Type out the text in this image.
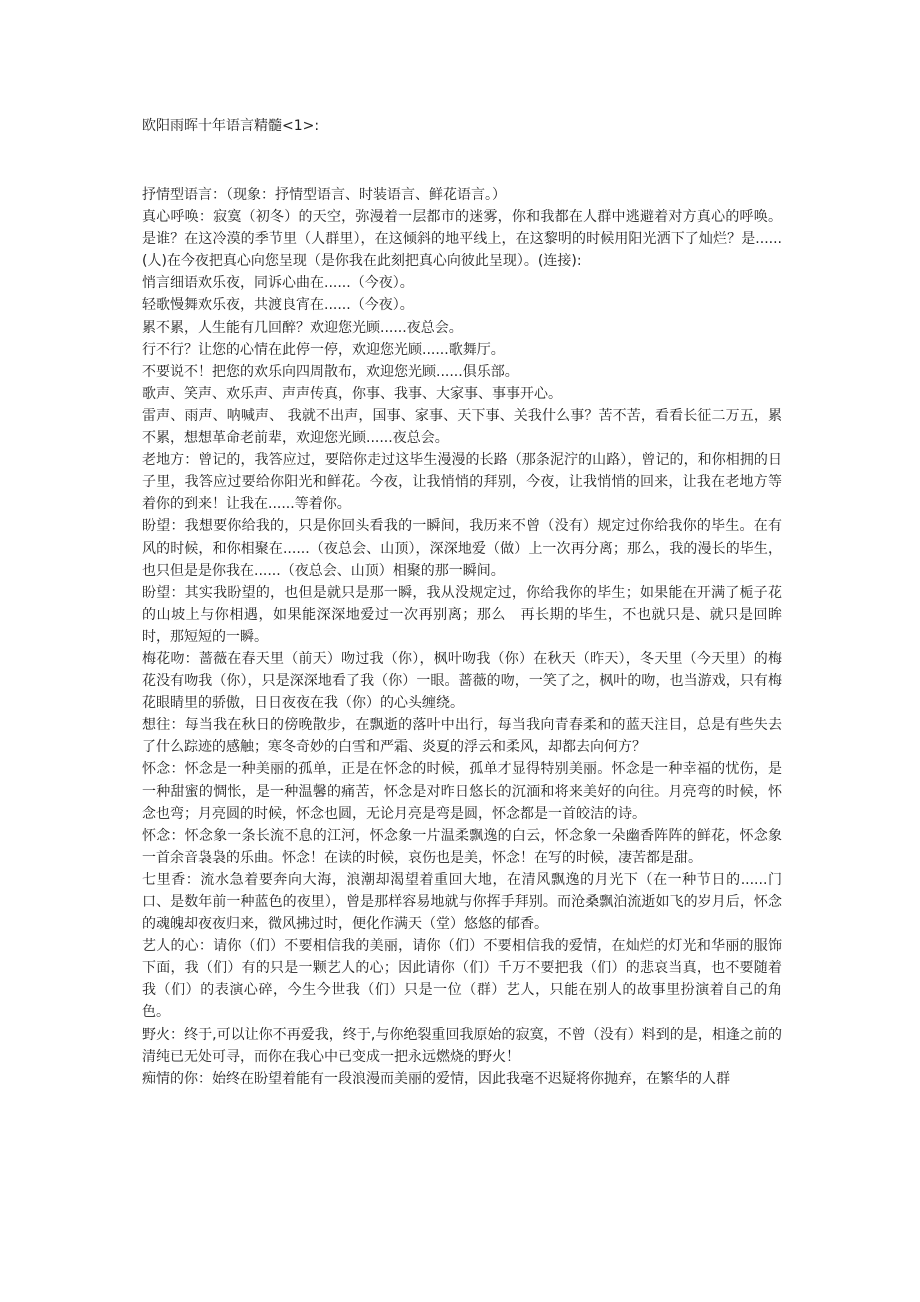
欧阳雨晖十年语言精髓<1>:

抒情型语言：（现象：抒情型语言、时装语言、鲜花语言。）

真心呼唤：寂寞（初冬）的天空，弥漫着一层都市的迷雾，你和我都在人群中逃避着对方真心的呼唤。是谁？在这冷漠的季节里（人群里），在这倾斜的地平线上，在这黎明的时候用阳光洒下了灿烂？是......(人)在今夜把真心向您呈现（是你我在此刻把真心向彼此呈现）。(连接):

悄言细语欢乐夜，同诉心曲在......（今夜）。

轻歌慢舞欢乐夜，共渡良宵在......（今夜）。

累不累，人生能有几回醉？欢迎您光顾......夜总会。

行不行？让您的心情在此停一停，欢迎您光顾......歌舞厅。

不要说不！把您的欢乐向四周散布，欢迎您光顾......俱乐部。

歌声、笑声、欢乐声、声声传真，你事、我事、大家事、事事开心。

雷声、雨声、呐喊声、 我就不出声，国事、家事、天下事、关我什么事？苦不苦，看看长征二万五，累不累，想想革命老前辈，欢迎您光顾......夜总会。

老地方：曾记的，我答应过，要陪你走过这毕生漫漫的长路（那条泥泞的山路），曾记的，和你相拥的日子里，我答应过要给你阳光和鲜花。今夜，让我悄悄的拜别，今夜，让我悄悄的回来，让我在老地方等着你的到来！让我在......等着你。

盼望：我想要你给我的，只是你回头看我的一瞬间，我历来不曾（没有）规定过你给我你的毕生。在有风的时候，和你相聚在......（夜总会、山顶），深深地爱（做）上一次再分离；那么，我的漫长的毕生，也只但是是你我在......（夜总会、山顶）相聚的那一瞬间。

盼望：其实我盼望的，也但是就只是那一瞬，我从没规定过，你给我你的毕生；如果能在开满了栀子花的山坡上与你相遇，如果能深深地爱过一次再别离；那么　再长期的毕生，不也就只是、就只是回眸时，那短短的一瞬。

梅花吻：蔷薇在春天里（前天）吻过我（你），枫叶吻我（你）在秋天（昨天），冬天里（今天里）的梅花没有吻我（你），只是深深地看了我（你）一眼。蔷薇的吻，一笑了之，枫叶的吻，也当游戏，只有梅花眼睛里的骄傲，日日夜夜在我（你）的心头缠绕。

想往：每当我在秋日的傍晚散步，在飘逝的落叶中出行，每当我向青春柔和的蓝天注目，总是有些失去了什么踪迹的感触；寒冬奇妙的白雪和严霜、炎夏的浮云和柔风，却都去向何方？

怀念：怀念是一种美丽的孤单，正是在怀念的时候，孤单才显得特别美丽。怀念是一种幸福的忧伤，是一种甜蜜的惆怅，是一种温馨的痛苦，怀念是对昨日悠长的沉湎和将来美好的向往。月亮弯的时候，怀念也弯；月亮圆的时候，怀念也圆，无论月亮是弯是圆，怀念都是一首皎洁的诗。

怀念：怀念象一条长流不息的江河，怀念象一片温柔飘逸的白云，怀念象一朵幽香阵阵的鲜花，怀念象一首余音袅袅的乐曲。怀念！在读的时候，哀伤也是美，怀念！在写的时候，凄苦都是甜。

七里香：流水急着要奔向大海，浪潮却渴望着重回大地，在清风飘逸的月光下（在一种节日的......门口、是数年前一种蓝色的夜里），曾是那样容易地就与你挥手拜别。而沧桑飘泊流逝如飞的岁月后，怀念的魂魄却夜夜归来，微风拂过时，便化作满天（堂）悠悠的郁香。

艺人的心：请你（们）不要相信我的美丽，请你（们）不要相信我的爱情，在灿烂的灯光和华丽的服饰下面，我（们）有的只是一颗艺人的心；因此请你（们）千万不要把我（们）的悲哀当真，也不要随着我（们）的表演心碎，今生今世我（们）只是一位（群）艺人，只能在别人的故事里扮演着自己的角色。

野火：终于,可以让你不再爱我，终于,与你绝裂重回我原始的寂寞，不曾（没有）料到的是，相逢之前的清纯已无处可寻，而你在我心中已变成一把永远燃烧的野火！

痴情的你：始终在盼望着能有一段浪漫而美丽的爱情，因此我毫不迟疑将你抛弃，在繁华的人群
